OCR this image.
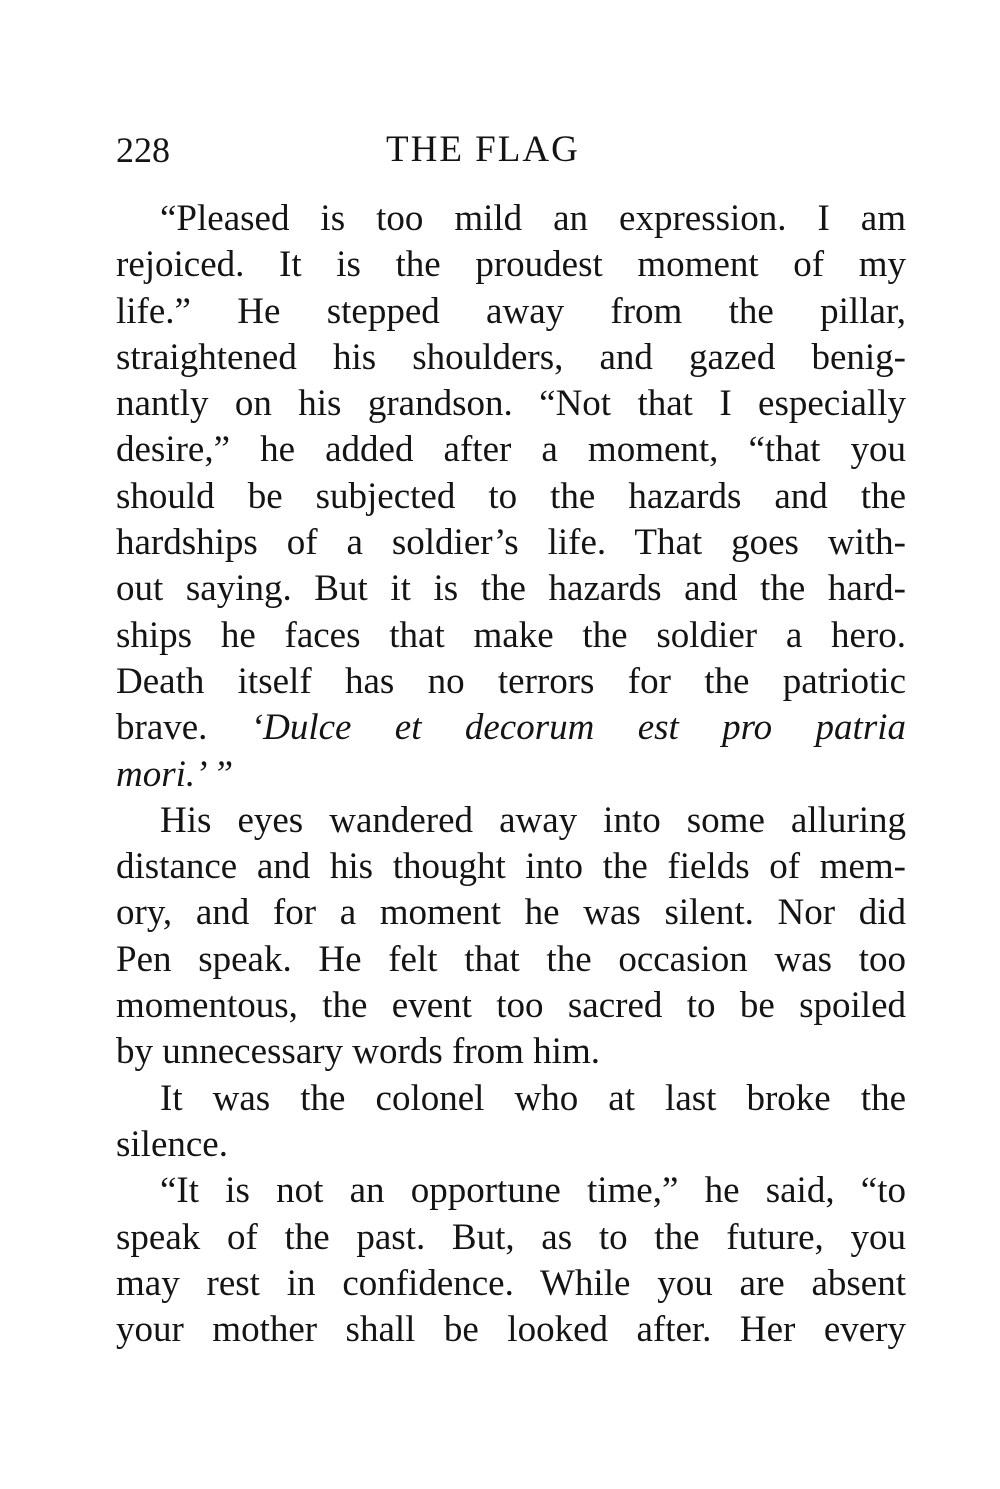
228	THE FLAG
“Pleased is too mild an expression. I am
rejoiced. It is the proudest moment of my
life.” He stepped away from the pillar,
straightened his shoulders, and gazed benig-
nantly on his grandson. “Not that I especially
desire,” he added after a moment, “that you
should be subjected to the hazards and the
hardships of a soldier’s life. That goes with-
out saying. But it is the hazards and the hard-
ships he faces that make the soldier a hero.
Death itself has no terrors for the patriotic
brave. ‘Dulce et decorum est pro patria
mori.’ ”
His eyes wandered away into some alluring
distance and his thought into the fields of mem-
ory, and for a moment he was silent. Nor did
Pen speak. He felt that the occasion was too
momentous, the event too sacred to be spoiled
by unnecessary words from him.
It was the colonel who at last broke the
silence.
“It is not an opportune time,” he said, “to
speak of the past. But, as to the future, you
may rest in confidence. While you are absent
your mother shall be looked after. Her every
